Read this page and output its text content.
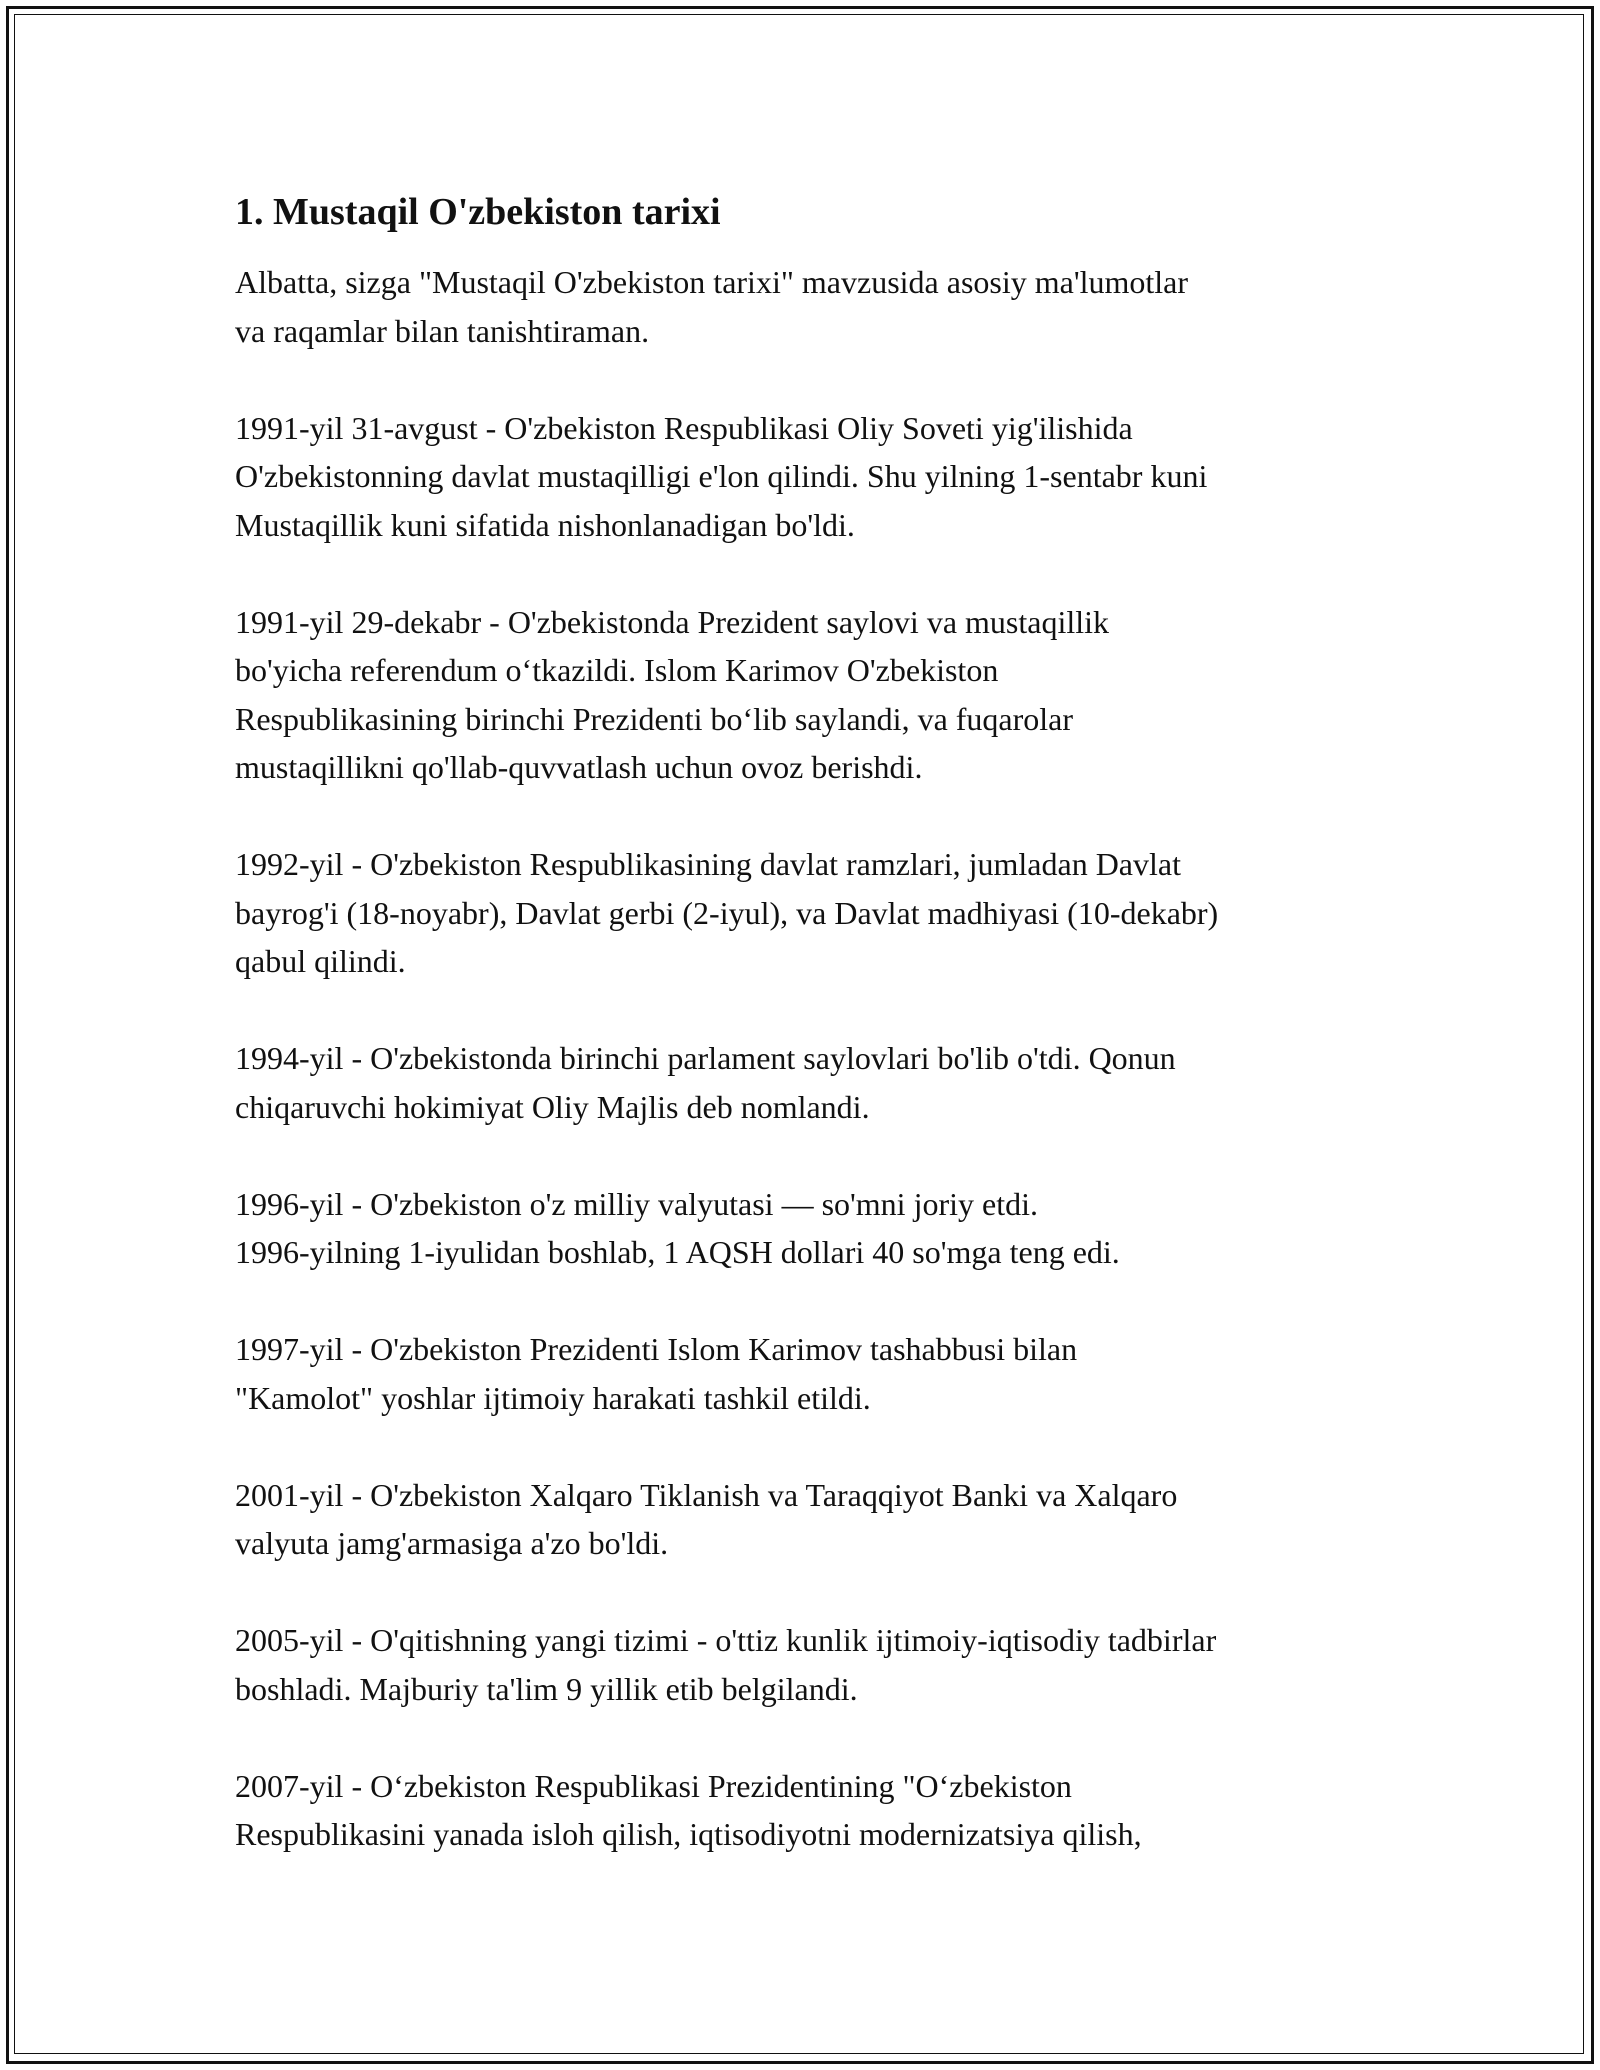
1. Mustaqil O'zbekiston tarixi
Albatta, sizga "Mustaqil O'zbekiston tarixi" mavzusida asosiy ma'lumotlar
va raqamlar bilan tanishtiraman.
1991-yil 31-avgust - O'zbekiston Respublikasi Oliy Soveti yig'ilishida
O'zbekistonning davlat mustaqilligi e'lon qilindi. Shu yilning 1-sentabr kuni
Mustaqillik kuni sifatida nishonlanadigan bo'ldi.
1991-yil 29-dekabr - O'zbekistonda Prezident saylovi va mustaqillik
bo'yicha referendum o‘tkazildi. Islom Karimov O'zbekiston
Respublikasining birinchi Prezidenti bo‘lib saylandi, va fuqarolar
mustaqillikni qo'llab-quvvatlash uchun ovoz berishdi.
1992-yil - O'zbekiston Respublikasining davlat ramzlari, jumladan Davlat
bayrog'i (18-noyabr), Davlat gerbi (2-iyul), va Davlat madhiyasi (10-dekabr)
qabul qilindi.
1994-yil - O'zbekistonda birinchi parlament saylovlari bo'lib o'tdi. Qonun
chiqaruvchi hokimiyat Oliy Majlis deb nomlandi.
1996-yil - O'zbekiston o'z milliy valyutasi — so'mni joriy etdi.
1996-yilning 1-iyulidan boshlab, 1 AQSH dollari 40 so'mga teng edi.
1997-yil - O'zbekiston Prezidenti Islom Karimov tashabbusi bilan
"Kamolot" yoshlar ijtimoiy harakati tashkil etildi.
2001-yil - O'zbekiston Xalqaro Tiklanish va Taraqqiyot Banki va Xalqaro
valyuta jamg'armasiga a'zo bo'ldi.
2005-yil - O'qitishning yangi tizimi - o'ttiz kunlik ijtimoiy-iqtisodiy tadbirlar
boshladi. Majburiy ta'lim 9 yillik etib belgilandi.
2007-yil - O‘zbekiston Respublikasi Prezidentining "O‘zbekiston
Respublikasini yanada isloh qilish, iqtisodiyotni modernizatsiya qilish,
